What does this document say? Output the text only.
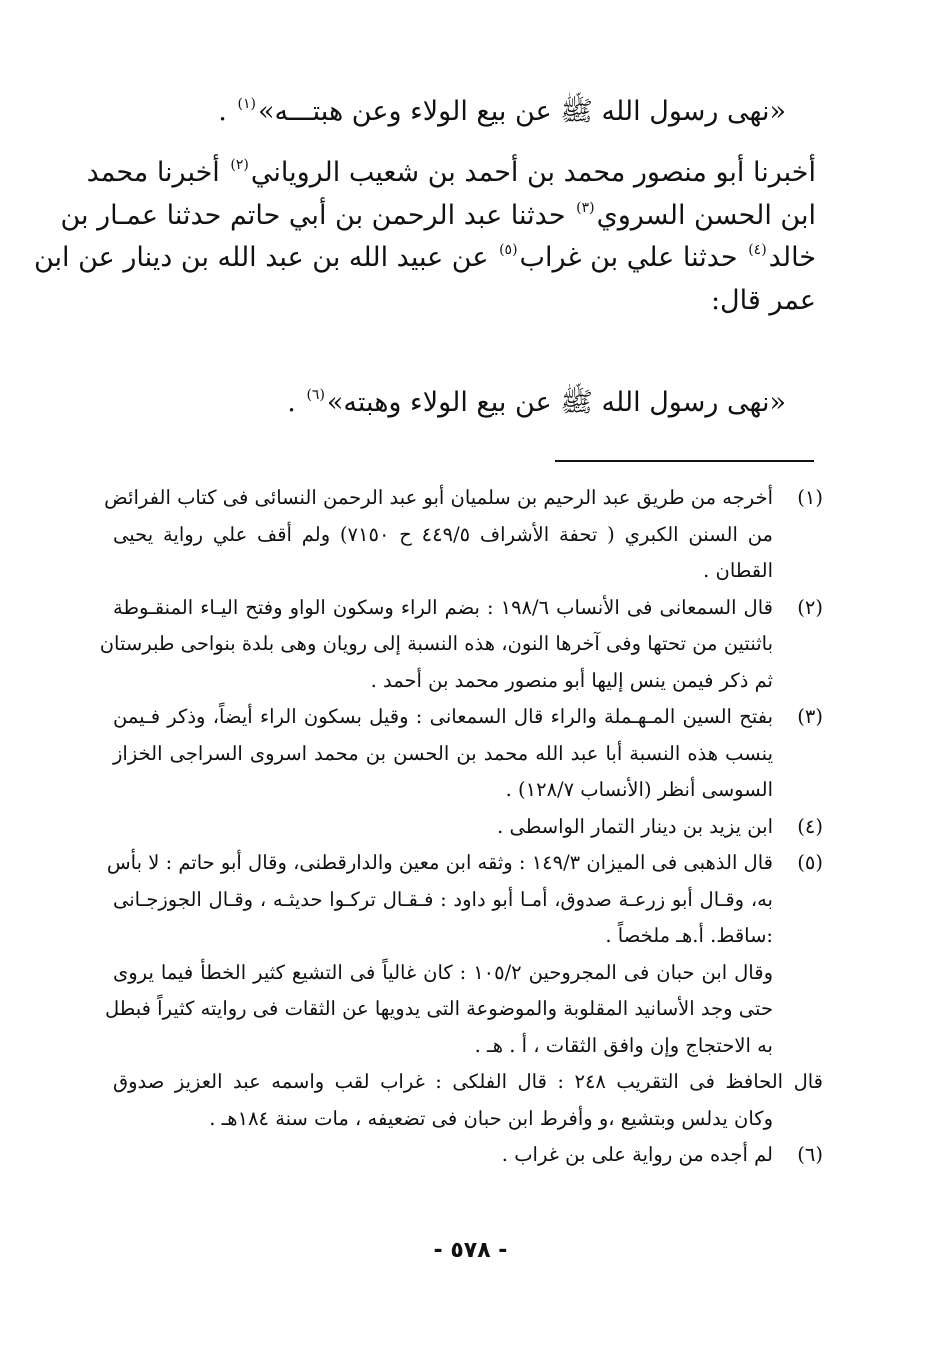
«نهى رسول الله ﷺ عن بيع الولاء وعن هبتـــه»$^{(١)}$ .
أخبرنا أبو منصور محمد بن أحمد بن شعيب الروياني$^{(٢)}$ أخبرنا محمد
ابن الحسن السروي$^{(٣)}$ حدثنا عبد الرحمن بن أبي حاتم حدثنا عمـار بن
خالد$^{(٤)}$ حدثنا علي بن غراب$^{(٥)}$ عن عبيد الله بن عبد الله بن دينار عن ابن
عمر قال:
«نهى رسول الله ﷺ عن بيع الولاء وهبته»$^{(٦)}$ .
(١)
أخرجه من طريق عبد الرحيم بن سلميان أبو عبد الرحمن النسائى فى كتاب الفرائض
من السنن الكبري ( تحفة الأشراف ٤٤٩/٥ ح ٧١٥٠) ولم أقف علي رواية يحيى
القطان .
(٢)
قال السمعانى فى الأنساب ١٩٨/٦ : بضم الراء وسكون الواو وفتح اليـاء المنقـوطة
باثنتين من تحتها وفى آخرها النون، هذه النسبة إلى رويان وهى بلدة بنواحى طبرستان
ثم ذكر فيمن ينس إليها أبو منصور محمد بن أحمد .
(٣)
بفتح السين المـهـملة والراء قال السمعانى : وقيل بسكون الراء أيضاً، وذكر فـيمن
ينسب هذه النسبة أبا عبد الله محمد بن الحسن بن محمد اسروى السراجى الخزاز
السوسى أنظر (الأنساب ١٢٨/٧) .
(٤)
ابن يزيد بن دينار التمار الواسطى .
(٥)
قال الذهبى فى الميزان ١٤٩/٣ : وثقه ابن معين والدارقطنى، وقال أبو حاتم : لا بأس
به، وقـال أبو زرعـة صدوق، أمـا أبو داود : فـقـال تركـوا حديثـه ، وقـال الجوزجـانى
:ساقط. أ.هـ ملخصاً .
وقال ابن حبان فى المجروحين ١٠٥/٢ : كان غالياً فى التشيع كثير الخطأ فيما يروى
حتى وجد الأسانيد المقلوبة والموضوعة التى يدويها عن الثقات فى روايته كثيراً فبطل
به الاحتجاج وإن وافق الثقات ، أ . هـ .
قال الحافظ فى التقريب ٢٤٨ : قال الفلكى : غراب لقب واسمه عبد العزيز صدوق
وكان يدلس وبتشيع ،و وأفرط ابن حبان فى تضعيفه ، مات سنة ١٨٤هـ .
(٦)
لم أجده من رواية على بن غراب .
- ٥٧٨ -
